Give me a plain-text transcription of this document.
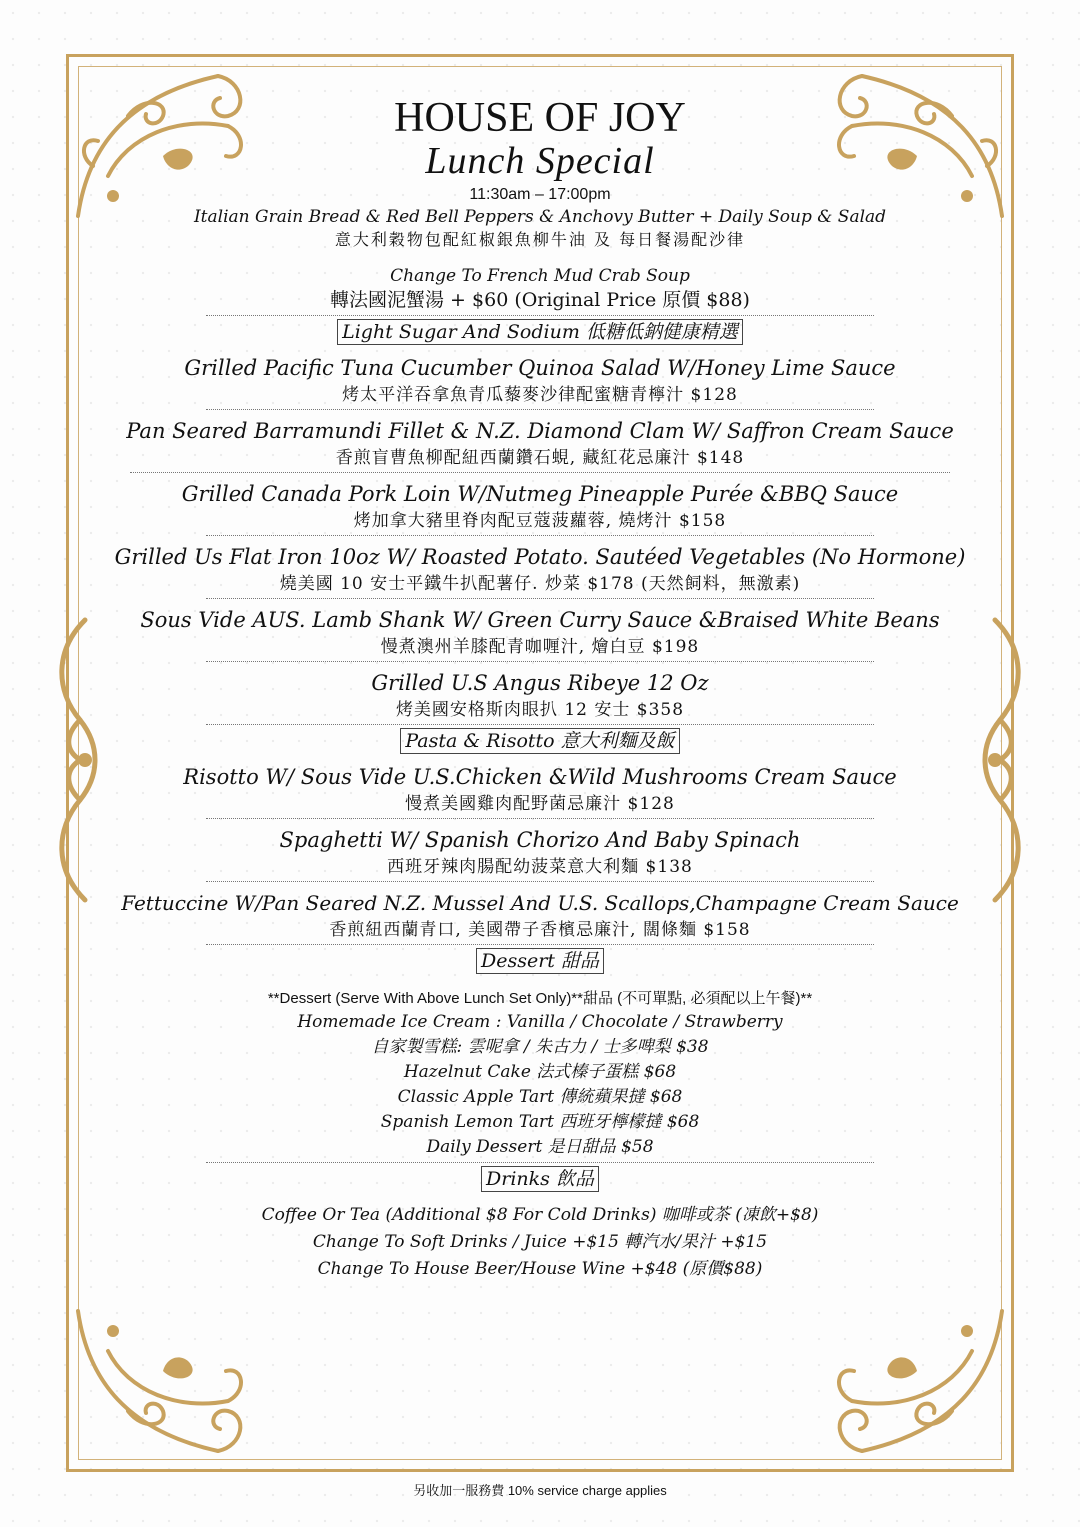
HOUSE OF JOY
Lunch Special
11:30am – 17:00pm
Italian Grain Bread & Red Bell Peppers & Anchovy Butter + Daily Soup & Salad
意大利穀物包配紅椒銀魚柳牛油 及 每日餐湯配沙律
Change To French Mud Crab Soup
轉法國泥蟹湯 + $60 (Original Price 原價 $88)
Light Sugar And Sodium 低糖低鈉健康精選
Grilled Pacific Tuna Cucumber Quinoa Salad W/Honey Lime Sauce
烤太平洋吞拿魚青瓜藜麥沙律配蜜糖青檸汁 $128
Pan Seared Barramundi Fillet & N.Z. Diamond Clam W/ Saffron Cream Sauce
香煎盲曹魚柳配紐西蘭鑽石蜆, 藏紅花忌廉汁 $148
Grilled Canada Pork Loin W/Nutmeg Pineapple Purée &BBQ Sauce
烤加拿大豬里脊肉配豆蔻菠蘿蓉, 燒烤汁 $158
Grilled Us Flat Iron 10oz W/ Roasted Potato. Sautéed Vegetables (No Hormone)
燒美國 10 安士平鐵牛扒配薯仔. 炒菜 $178 (天然飼料，無激素)
Sous Vide AUS. Lamb Shank W/ Green Curry Sauce &Braised White Beans
慢煮澳州羊膝配青咖喱汁, 燴白豆 $198
Grilled U.S Angus Ribeye 12 Oz
烤美國安格斯肉眼扒 12 安士 $358
Pasta & Risotto 意大利麵及飯
Risotto W/ Sous Vide U.S.Chicken &Wild Mushrooms Cream Sauce
慢煮美國雞肉配野菌忌廉汁 $128
Spaghetti W/ Spanish Chorizo And Baby Spinach
西班牙辣肉腸配幼菠菜意大利麵 $138
Fettuccine W/Pan Seared N.Z. Mussel And U.S. Scallops,Champagne Cream Sauce
香煎紐西蘭青口, 美國帶子香檳忌廉汁, 闊條麵 $158
Dessert 甜品
**Dessert (Serve With Above Lunch Set Only)**甜品 (不可單點, 必須配以上午餐)**
Homemade Ice Cream : Vanilla / Chocolate / Strawberry
自家製雪糕: 雲呢拿 / 朱古力 / 士多啤梨 $38
Hazelnut Cake 法式榛子蛋糕 $68
Classic Apple Tart 傳統蘋果撻 $68
Spanish Lemon Tart 西班牙檸檬撻 $68
Daily Dessert 是日甜品 $58
Drinks 飲品
Coffee Or Tea (Additional $8 For Cold Drinks) 咖啡或茶 (凍飲+$8)
Change To Soft Drinks / Juice +$15 轉汽水/果汁 +$15
Change To House Beer/House Wine +$48 (原價$88)
另收加一服務費 10% service charge applies
